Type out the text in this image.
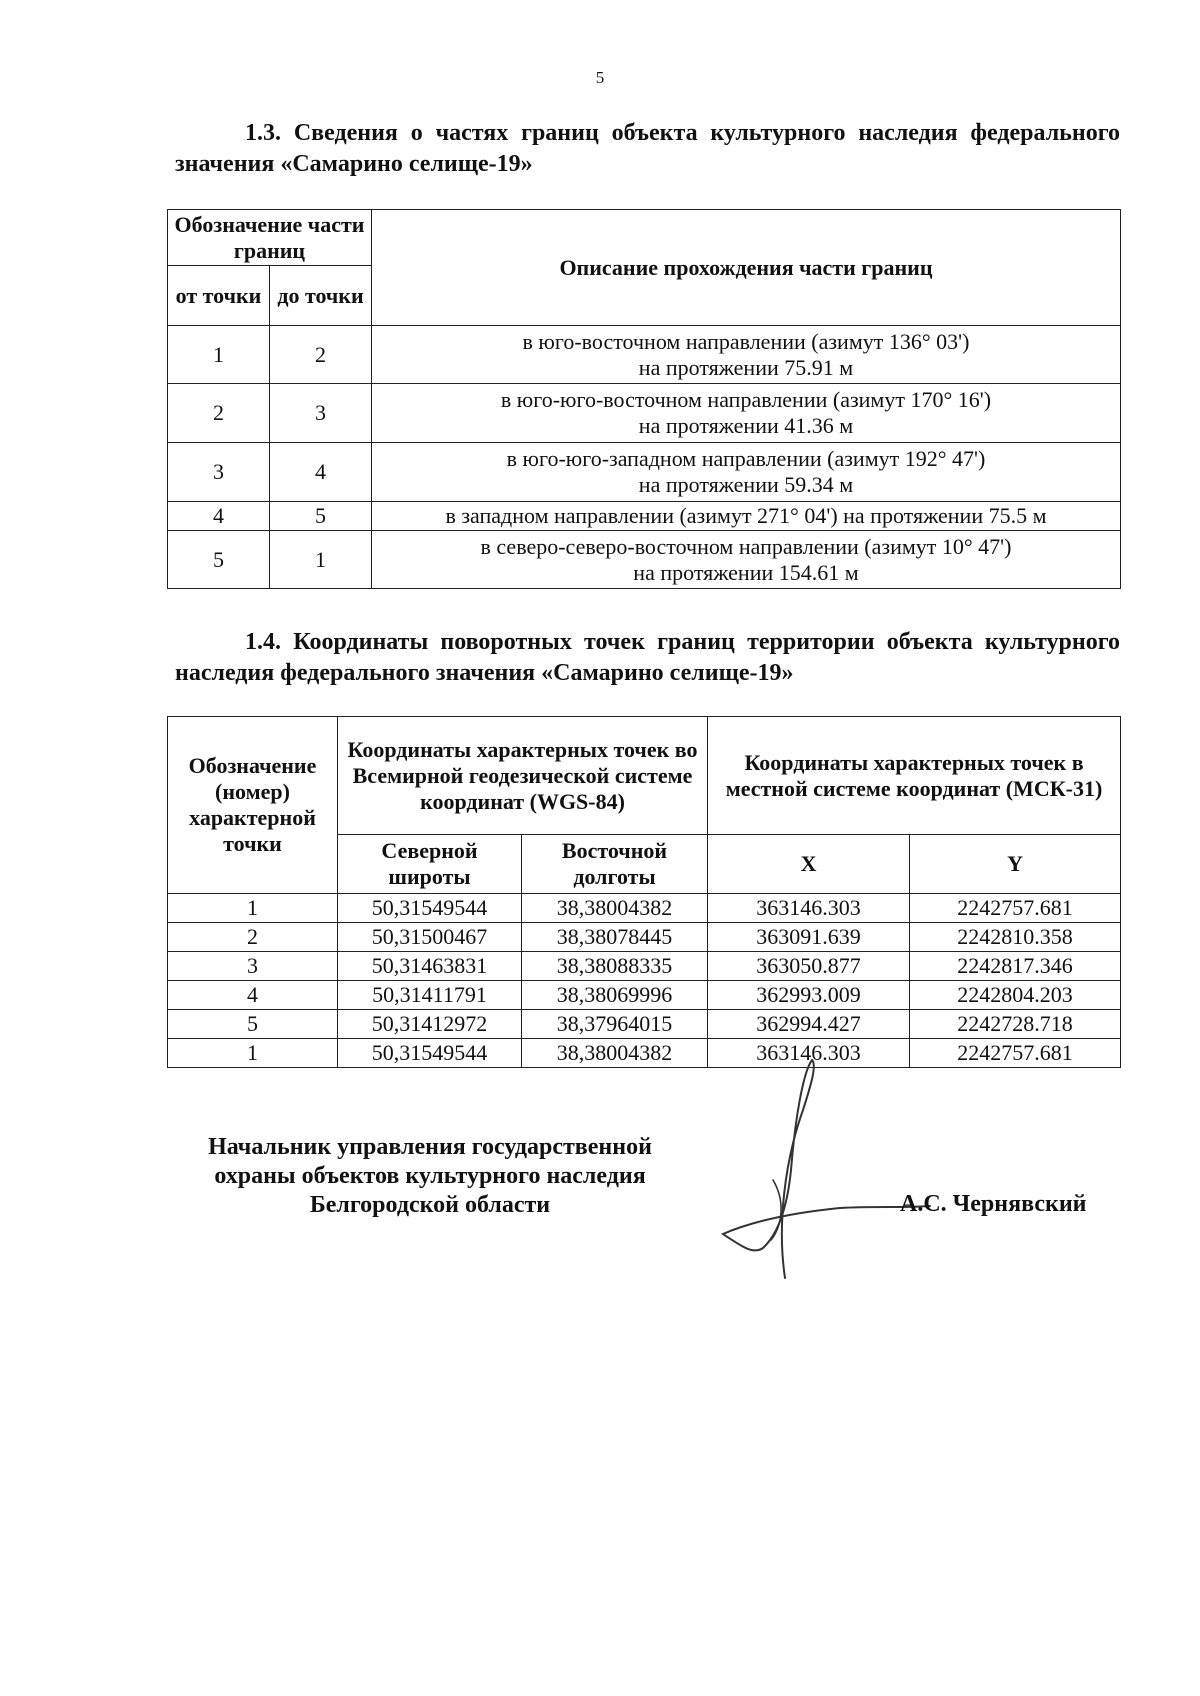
5
1.3. Сведения о частях границ объекта культурного наследия федерального значения «Самарино селище-19»
Обозначение части границ		Описание прохождения части границ
от точки	до точки	
1	2	в юго-восточном направлении (азимут 136° 03')
на протяжении 75.91 м

2	3	в юго-юго-восточном направлении (азимут 170° 16')
на протяжении 41.36 м

3	4	в юго-юго-западном направлении (азимут 192° 47')
на протяжении 59.34 м

4	5	в западном направлении (азимут 271° 04') на протяжении 75.5 м

5	1	в северо-северо-восточном направлении (азимут 10° 47')
на протяжении 154.61 м
1.4. Координаты поворотных точек границ территории объекта культурного наследия федерального значения «Самарино селище-19»
Обозначение (номер) характерной точки	Координаты характерных точек во Всемирной геодезической системе координат (WGS-84)		Координаты характерных точек в местной системе координат (МСК-31)	
	Северной широты	Восточной долготы	X	Y
1	50,31549544	38,38004382	363146.303	2242757.681
2	50,31500467	38,38078445	363091.639	2242810.358
3	50,31463831	38,38088335	363050.877	2242817.346
4	50,31411791	38,38069996	362993.009	2242804.203
5	50,31412972	38,37964015	362994.427	2242728.718
1	50,31549544	38,38004382	363146.303	2242757.681
Начальник управления государственной
охраны объектов культурного наследия
Белгородской области	А.С. Чернявский
